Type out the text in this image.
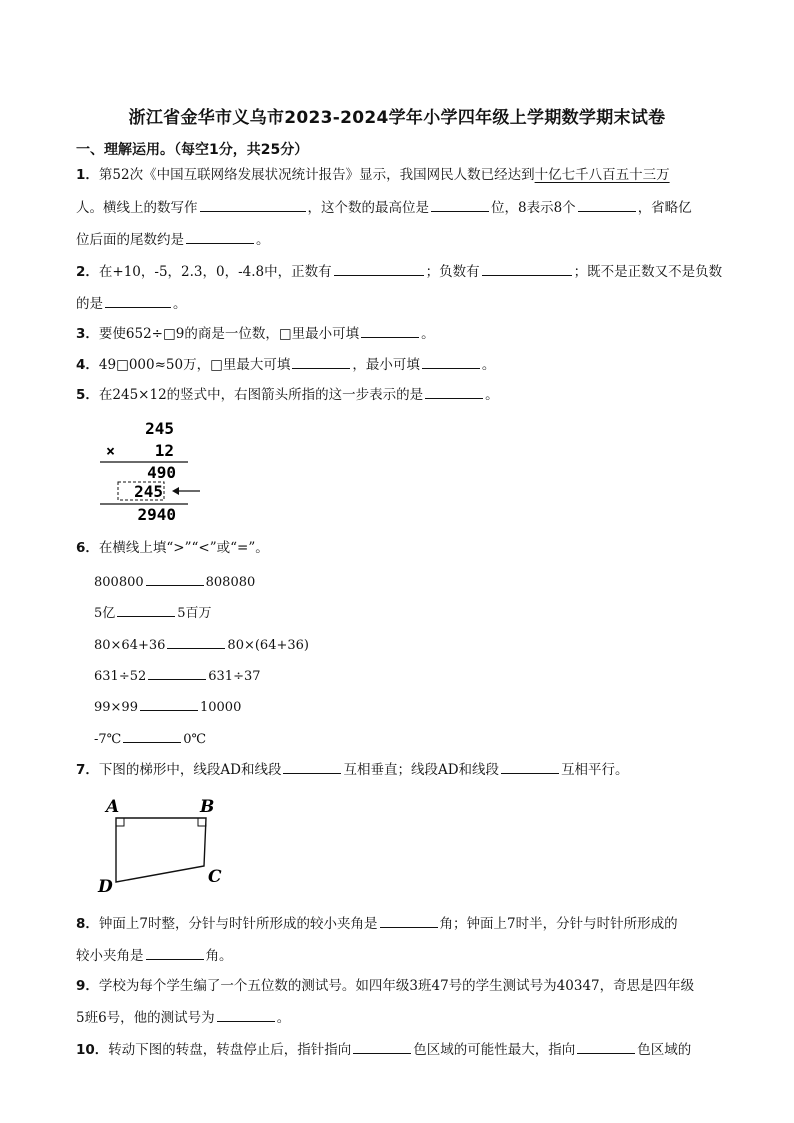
浙江省金华市义乌市2023-2024学年小学四年级上学期数学期末试卷
一、理解运用。（每空1分，共25分）
1．第52次《中国互联网络发展状况统计报告》显示，我国网民人数已经达到十亿七千八百五十三万
人。横线上的数写作	，这个数的最高位是	位，8表示8个	，省略亿
位后面的尾数约是	。
2．在+10，-5，2.3，0，-4.8中，正数有	；负数有	；既不是正数又不是负数
的是	。
3．要使652÷□9的商是一位数，□里最小可填	。
4．49□000≈50万，□里最大可填	，最小可填	。
5．在245×12的竖式中，右图箭头所指的这一步表示的是	。
245
× 12
490
245
2940
6．在横线上填“>”“<”或“=”。
800800	808080
5亿	5百万
80×64+36	80×(64+36)
631÷52	631÷37
99×99	10000
-7℃	0℃
7．下图的梯形中，线段AD和线段	互相垂直；线段AD和线段	互相平行。
A	B
C
D
8．钟面上7时整，分针与时针所形成的较小夹角是	角；钟面上7时半，分针与时针所形成的
较小夹角是	角。
9．学校为每个学生编了一个五位数的测试号。如四年级3班47号的学生测试号为40347，奇思是四年级
5班6号，他的测试号为	。
10．转动下图的转盘，转盘停止后，指针指向	色区域的可能性最大，指向	色区域的
